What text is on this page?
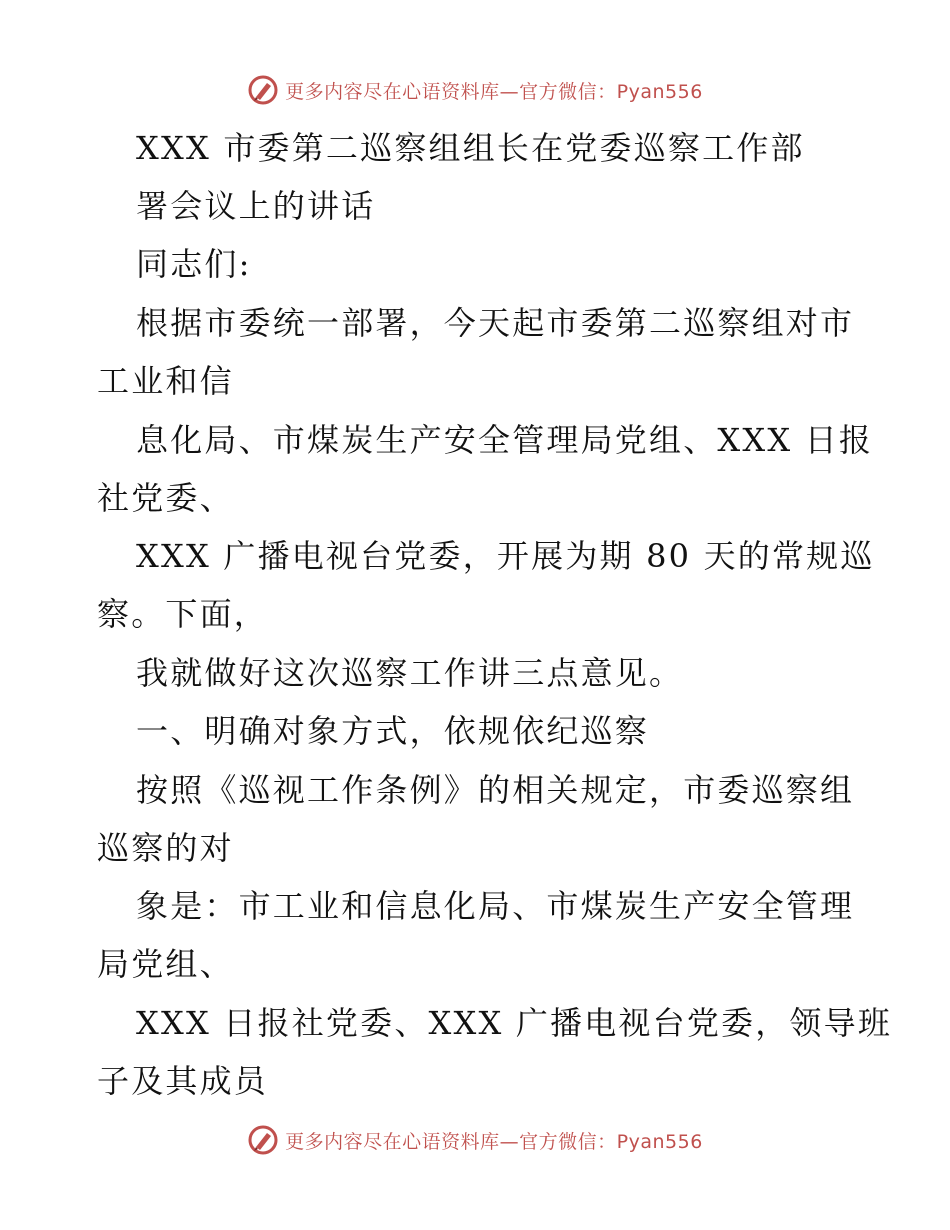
更多内容尽在心语资料库—官方微信：Pyan556
XXX 市委第二巡察组组长在党委巡察工作部
署会议上的讲话
同志们:
根据市委统一部署，今天起市委第二巡察组对市
工业和信
息化局、市煤炭生产安全管理局党组、XXX 日报
社党委、
XXX 广播电视台党委，开展为期 80 天的常规巡
察。下面，
我就做好这次巡察工作讲三点意见。
一、明确对象方式，依规依纪巡察
按照《巡视工作条例》的相关规定，市委巡察组
巡察的对
象是：市工业和信息化局、市煤炭生产安全管理
局党组、
XXX 日报社党委、XXX 广播电视台党委，领导班
子及其成员
更多内容尽在心语资料库—官方微信：Pyan556
